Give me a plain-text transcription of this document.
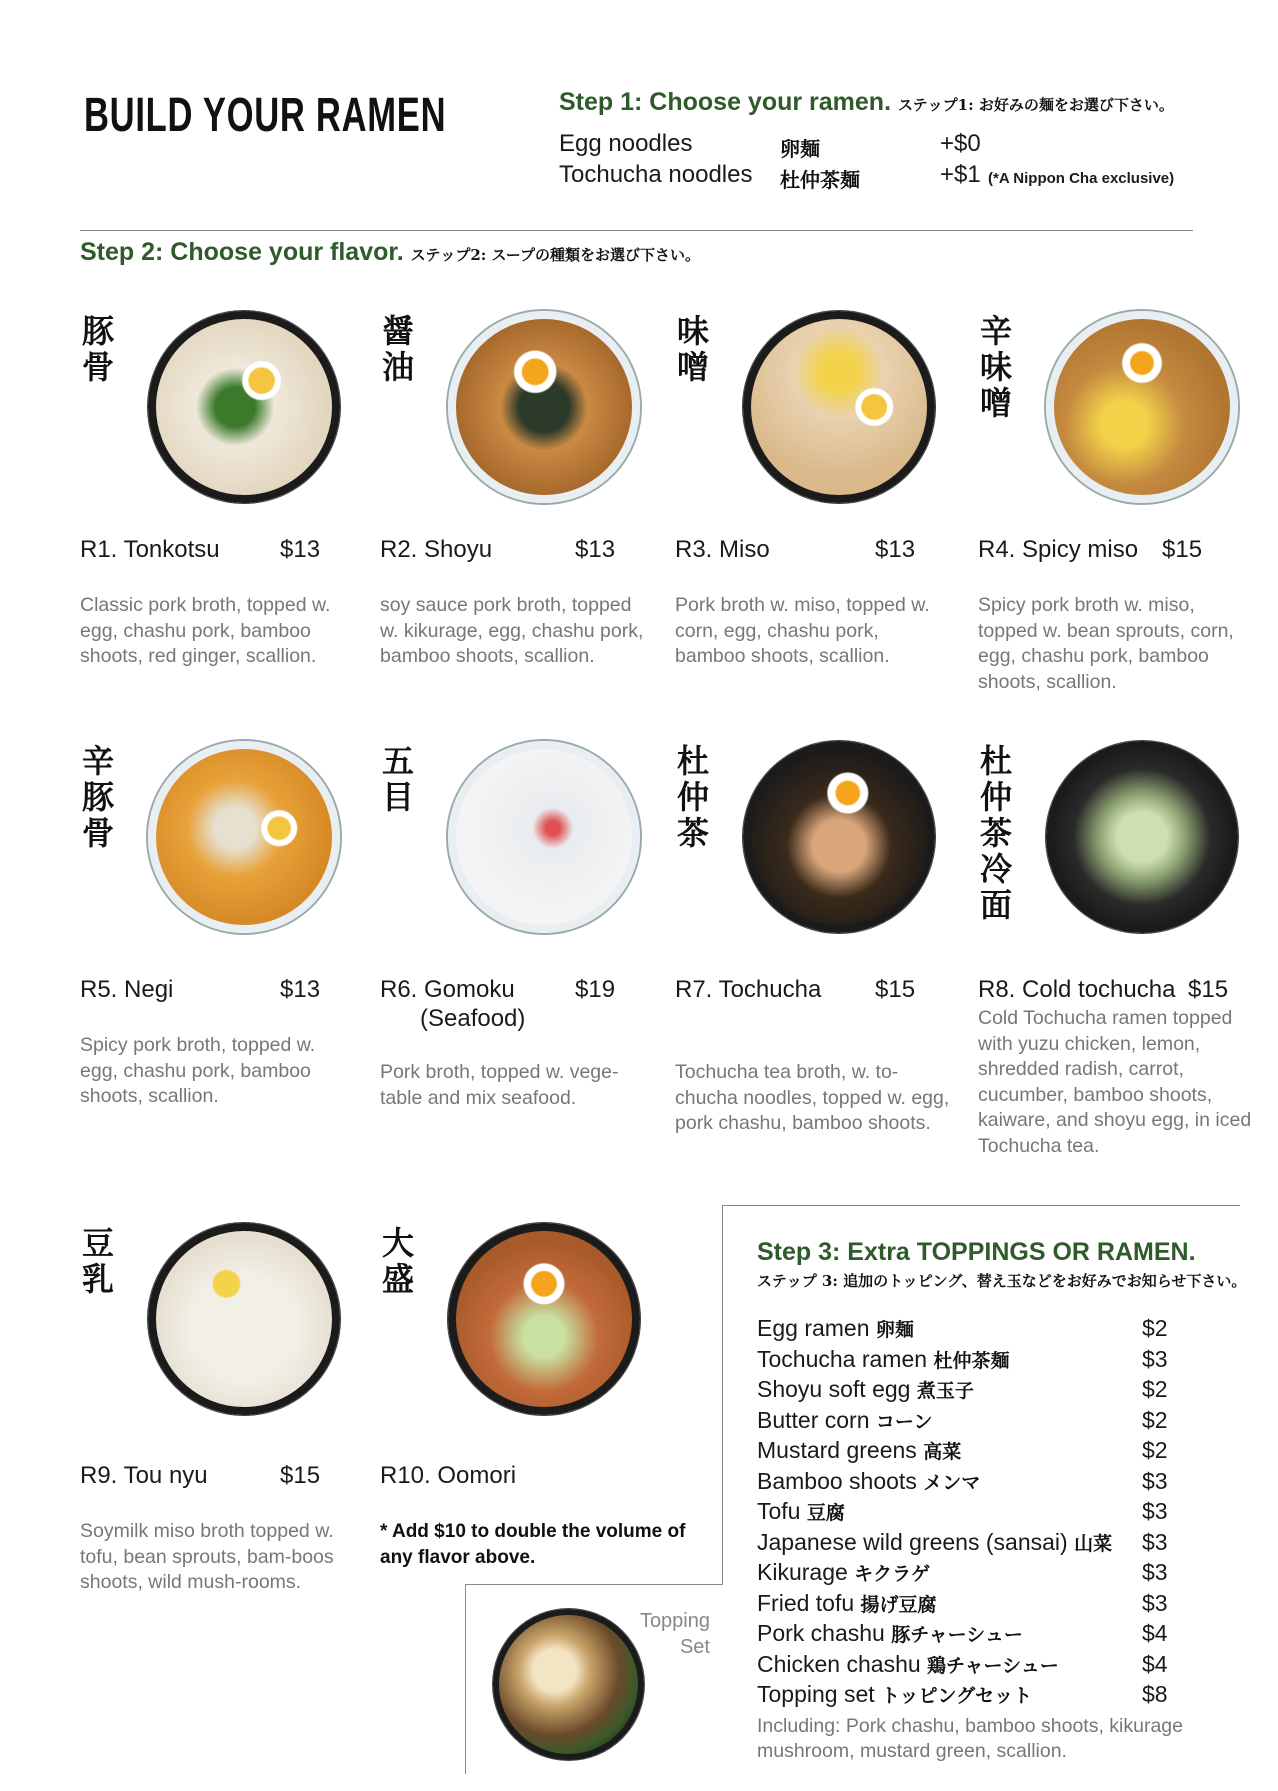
BUILD YOUR RAMEN	Step 1: Choose your ramen. ステップ1: お好みの麺をお選び下さい。
Egg noodles	卵麺	+$0
Tochucha noodles 杜仲茶麺	+$1 (*A Nippon Cha exclusive)
Step 2: Choose your flavor. ステップ2: スープの種類をお選び下さい。
豚骨
R1. Tonkotsu	$13
Classic pork broth, topped w. egg, chashu pork, bamboo shoots, red ginger, scallion.
醤油
R2. Shoyu	$13
soy sauce pork broth, topped w. kikurage, egg, chashu pork, bamboo shoots, scallion.
味噌
R3. Miso	$13
Pork broth w. miso, topped w. corn, egg, chashu pork, bamboo shoots, scallion.
辛味噌
R4. Spicy miso $15
Spicy pork broth w. miso, topped w. bean sprouts, corn, egg, chashu pork, bamboo shoots, scallion.
辛豚骨
R5. Negi	$13
Spicy pork broth, topped w. egg, chashu pork, bamboo shoots, scallion.
五目
R6. Gomoku	$19
(Seafood)
Pork broth, topped w. vege-table and mix seafood.
杜仲茶
R7. Tochucha $15
Tochucha tea broth, w. to-chucha noodles, topped w. egg, pork chashu, bamboo shoots.
杜仲茶冷面
R8. Cold tochucha $15
Cold Tochucha ramen topped with yuzu chicken, lemon, shredded radish, carrot, cucumber, bamboo shoots, kaiware, and shoyu egg, in iced Tochucha tea.
豆乳
R9. Tou nyu	$15
Soymilk miso broth topped w. tofu, bean sprouts, bam-boos shoots, wild mush-rooms.
大盛
R10. Oomori
* Add $10 to double the volume of any flavor above.
Step 3: Extra TOPPINGS OR RAMEN.
ステップ 3: 追加のトッピング、替え玉などをお好みでお知らせ下さい。
Egg ramen 卵麺	$2
Tochucha ramen 杜仲茶麺	$3
Shoyu soft egg 煮玉子	$2
Butter corn コーン	$2
Mustard greens 高菜	$2
Bamboo shoots メンマ	$3
Tofu 豆腐	$3
Japanese wild greens (sansai) 山菜 $3
Kikurage キクラゲ	$3
Fried tofu 揚げ豆腐	$3
Pork chashu 豚チャーシュー	$4
Chicken chashu 鶏チャーシュー	$4
Topping set トッピングセット	$8
Including: Pork chashu, bamboo shoots, kikurage mushroom, mustard green, scallion.
Topping Set
